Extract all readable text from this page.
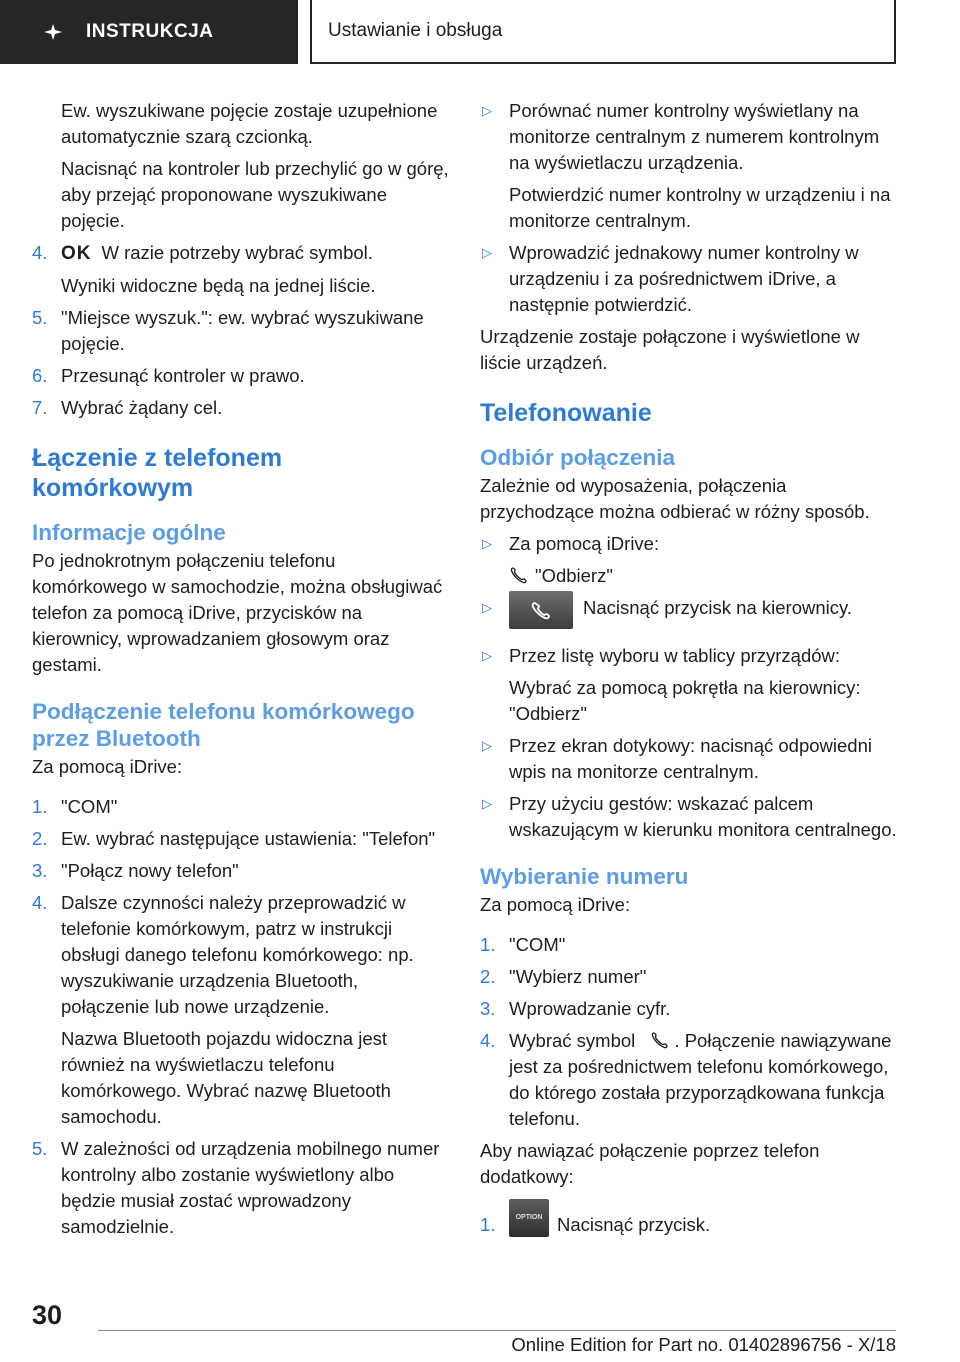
INSTRUKCJA	Ustawianie i obsługa

Ew. wyszukiwane pojęcie zostaje uzupełnione automatycznie szarą czcionką.

Nacisnąć na kontroler lub przechylić go w górę, aby przejąć proponowane wyszukiwane pojęcie.

4. OK W razie potrzeby wybrać symbol.

Wyniki widoczne będą na jednej liście.

5. "Miejsce wyszuk.": ew. wybrać wyszukiwane pojęcie.
6. Przesunąć kontroler w prawo.
7. Wybrać żądany cel.
Łączenie z telefonem komórkowym
Informacje ogólne

Po jednokrotnym połączeniu telefonu komórkowego w samochodzie, można obsługiwać telefon za pomocą iDrive, przycisków na kierownicy, wprowadzaniem głosowym oraz gestami.

Podłączenie telefonu komórkowego przez Bluetooth

Za pomocą iDrive:

1. "COM"
2. Ew. wybrać następujące ustawienia: "Telefon"
3. "Połącz nowy telefon"
4. Dalsze czynności należy przeprowadzić w telefonie komórkowym, patrz w instrukcji obsługi danego telefonu komórkowego: np. wyszukiwanie urządzenia Bluetooth, połączenie lub nowe urządzenie.

Nazwa Bluetooth pojazdu widoczna jest również na wyświetlaczu telefonu komórkowego. Wybrać nazwę Bluetooth samochodu.

5. W zależności od urządzenia mobilnego numer kontrolny albo zostanie wyświetlony albo będzie musiał zostać wprowadzony samodzielnie.
▷ Porównać numer kontrolny wyświetlany na monitorze centralnym z numerem kontrolnym na wyświetlaczu urządzenia.

Potwierdzić numer kontrolny w urządzeniu i na monitorze centralnym.

▷ Wprowadzić jednakowy numer kontrolny w urządzeniu i za pośrednictwem iDrive, a następnie potwierdzić.

Urządzenie zostaje połączone i wyświetlone w liście urządzeń.

Telefonowanie
Odbiór połączenia

Zależnie od wyposażenia, połączenia przychodzące można odbierać w różny sposób.

▷ Za pomocą iDrive:

"Odbierz"

▷	Nacisnąć przycisk na kierownicy.
▷ Przez listę wyboru w tablicy przyrządów:

Wybrać za pomocą pokrętła na kierownicy: "Odbierz"

▷ Przez ekran dotykowy: nacisnąć odpowiedni wpis na monitorze centralnym.
▷ Przy użyciu gestów: wskazać palcem wskazującym w kierunku monitora centralnego.
Wybieranie numeru

Za pomocą iDrive:

1. "COM"
2. "Wybierz numer"
3. Wprowadzanie cyfr.
4. Wybrać symbol . Połączenie nawiązywane jest za pośrednictwem telefonu komórkowego, do którego została przyporządkowana funkcja telefonu.

Aby nawiązać połączenie poprzez telefon dodatkowy:

1.	OPTION Nacisnąć przycisk.
30
Online Edition for Part no. 01402896756 - X/18
